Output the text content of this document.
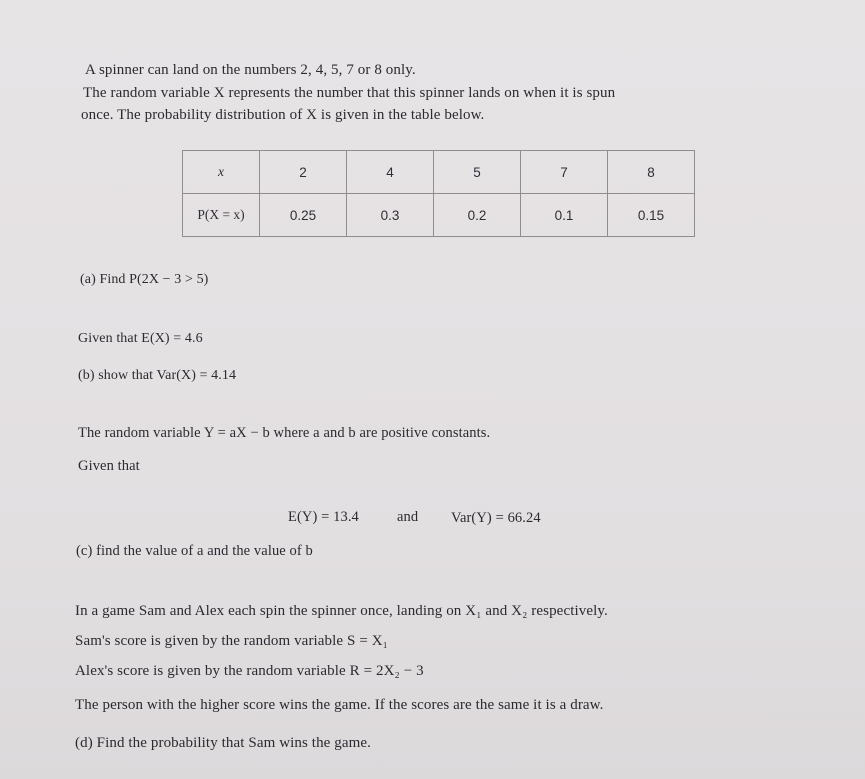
A spinner can land on the numbers 2, 4, 5, 7 or 8 only.
The random variable X represents the number that this spinner lands on when it is spun
once. The probability distribution of X is given in the table below.
x	2	4	5	7	8
P(X = x)	0.25	0.3	0.2	0.1	0.15
(a) Find P(2X − 3 > 5)
Given that E(X) = 4.6
(b) show that Var(X) = 4.14
The random variable Y = aX − b where a and b are positive constants.
Given that
E(Y) = 13.4	and Var(Y) = 66.24
(c) find the value of a and the value of b
In a game Sam and Alex each spin the spinner once, landing on X₁ and X₂ respectively.
Sam's score is given by the random variable S = X₁
Alex's score is given by the random variable R = 2X₂ − 3
The person with the higher score wins the game. If the scores are the same it is a draw.
(d) Find the probability that Sam wins the game.
